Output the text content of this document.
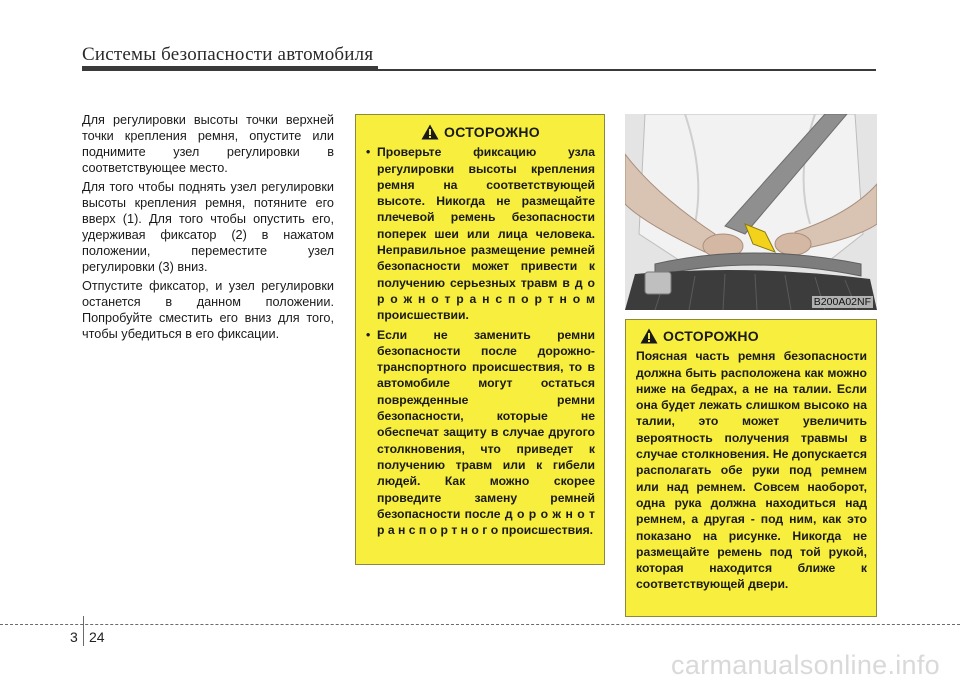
Системы безопасности автомобиля

Для регулировки высоты точки верхней точки крепления ремня, опустите или поднимите узел регулировки в соответствующее место.

Для того чтобы поднять узел регулировки высоты крепления ремня, потяните его вверх (1). Для того чтобы опустить его, удерживая фиксатор (2) в нажатом положении, переместите узел регулировки (3) вниз.

Отпустите фиксатор, и узел регулировки останется в данном положении. Попробуйте сместить его вниз для того, чтобы убедиться в его фиксации.

ОСТОРОЖНО
• Проверьте фиксацию узла регулировки высоты крепления ремня на соответствующей высоте. Никогда не размещайте плечевой ремень безопасности поперек шеи или лица человека. Неправильное размещение ремней безопасности может привести к получению серьезных травм в д о р о ж н о т р а н с п о р т н о м происшествии.
• Если не заменить ремни безопасности после дорожно-транспортного происшествия, то в автомобиле могут остаться поврежденные ремни безопасности, которые не обеспечат защиту в случае другого столкновения, что приведет к получению травм или к гибели людей. Как можно скорее проведите замену ремней безопасности после д о р о ж н о т р а н с п о р т н о г о происшествия.
B200A02NF
ОСТОРОЖНО
Поясная часть ремня безопасности должна быть расположена как можно ниже на бедрах, а не на талии. Если она будет лежать слишком высоко на талии, это может увеличить вероятность получения травмы в случае столкновения. Не допускается располагать обе руки под ремнем или над ремнем. Совсем наоборот, одна рука должна находиться над ремнем, а другая - под ним, как это показано на рисунке. Никогда не размещайте ремень под той рукой, которая находится ближе к соответствующей двери.
3 24
carmanualsonline.info
